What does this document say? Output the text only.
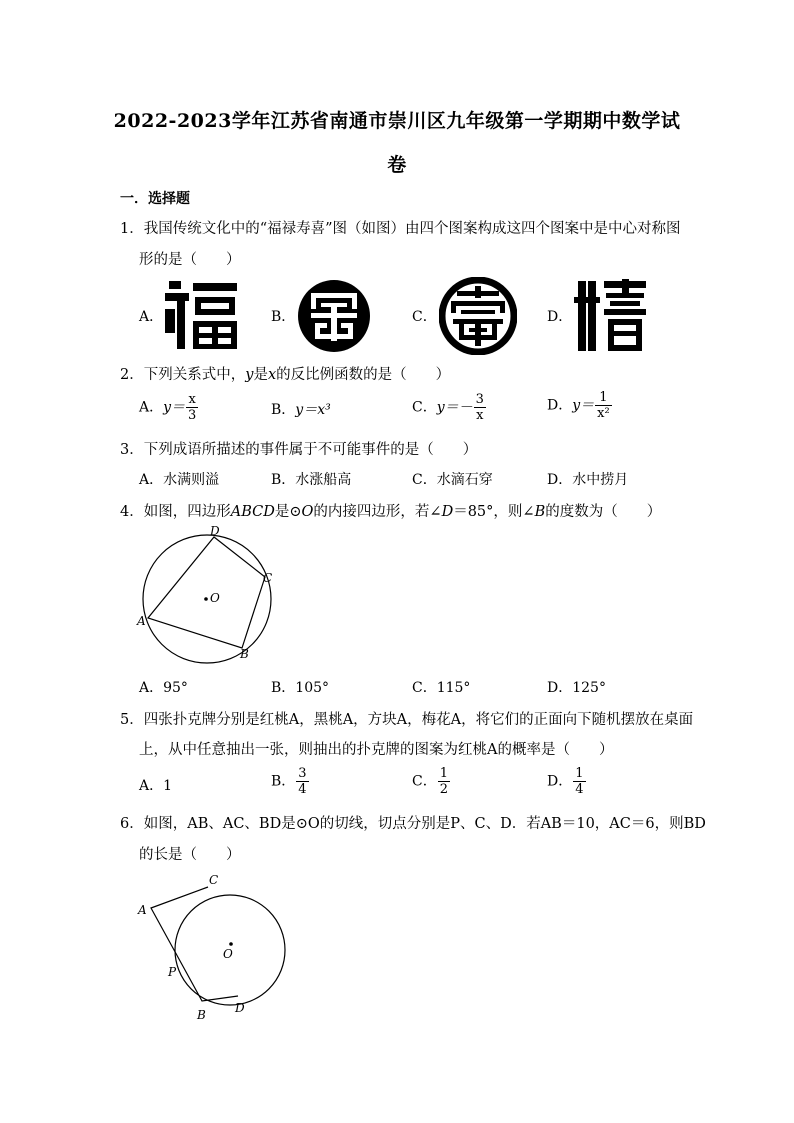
2022-2023学年江苏省南通市崇川区九年级第一学期期中数学试
卷
一．选择题
1．我国传统文化中的“福禄寿喜”图（如图）由四个图案构成这四个图案中是中心对称图
形的是（　　）
A．	B．	C．	D．
2．下列关系式中，y是x的反比例函数的是（　　）
A．$y= \frac{x}{3}$	B．y＝x³	C．$y=- \frac{3}{x}$	D．$y= \frac{1}{\text{x²}}$
3．下列成语所描述的事件属于不可能事件的是（　　）
A．水满则溢	B．水涨船高	C．水滴石穿	D．水中捞月
4．如图，四边形ABCD是⊙O的内接四边形，若∠D＝85°，则∠B的度数为（　　）
D
C
O
A
B
A．95°	B．105°	C．115°	D．125°
5．四张扑克牌分别是红桃A，黑桃A，方块A，梅花A，将它们的正面向下随机摆放在桌面
上，从中任意抽出一张，则抽出的扑克牌的图案为红桃A的概率是（　　）
A．1	B． $\frac{3}{4}$	C． $\frac{1}{2}$	D． $\frac{1}{4}$
6．如图，AB、AC、BD是⊙O的切线，切点分别是P、C、D．若AB＝10，AC＝6，则BD
的长是（　　）
C
A
O
P
B D
